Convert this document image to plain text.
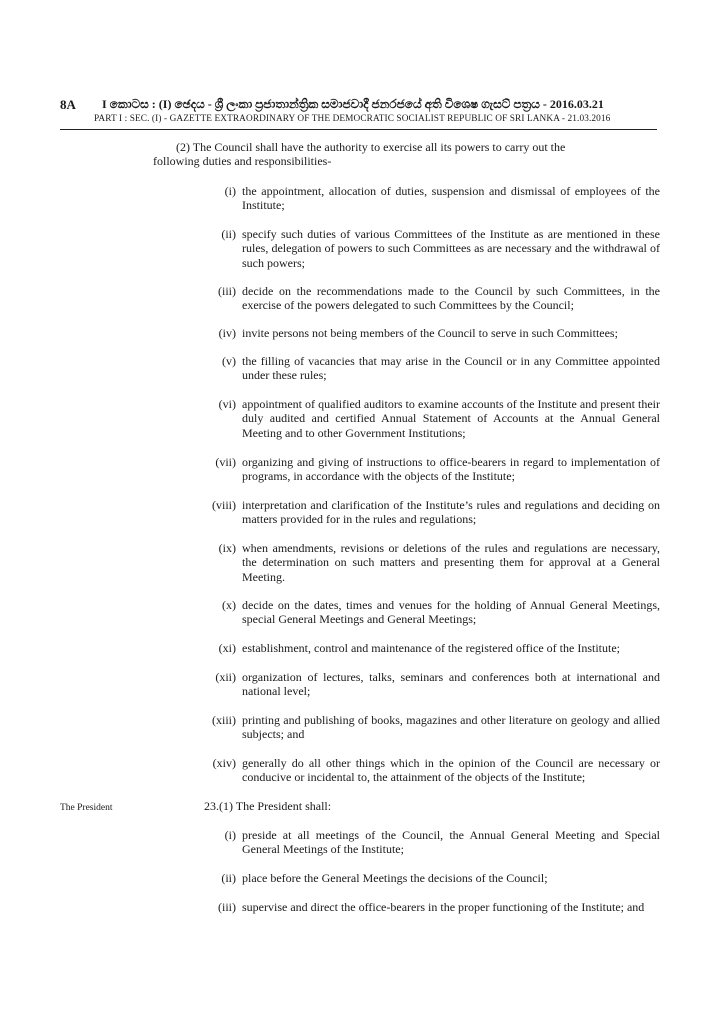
8A I කොටස : (I) ඡෙදය - ශ්‍රී ලංකා ප්‍රජාතාන්ත්‍රික සමාජවාදී ජනරජයේ අති විශෙෂ ගැසට් පත්‍රය - 2016.03.21
PART I : SEC. (I) - GAZETTE EXTRAORDINARY OF THE DEMOCRATIC SOCIALIST REPUBLIC OF SRI LANKA - 21.03.2016
(2) The Council shall have the authority to exercise all its powers to carry out the
following duties and responsibilities-
(i) the appointment, allocation of duties, suspension and dismissal of employees of the Institute;
(ii) specify such duties of various Committees of the Institute as are mentioned in these rules, delegation of powers to such Committees as are necessary and the withdrawal of such powers;
(iii) decide on the recommendations made to the Council by such Committees, in the exercise of the powers delegated to such Committees by the Council;
(iv) invite persons not being members of the Council to serve in such Committees;
(v) the filling of vacancies that may arise in the Council or in any Committee appointed under these rules;
(vi) appointment of qualified auditors to examine accounts of the Institute and present their duly audited and certified Annual Statement of Accounts at the Annual General Meeting and to other Government Institutions;
(vii) organizing and giving of instructions to office-bearers in regard to implementation of programs, in accordance with the objects of the Institute;
(viii) interpretation and clarification of the Institute’s rules and regulations and deciding on matters provided for in the rules and regulations;
(ix) when amendments, revisions or deletions of the rules and regulations are necessary, the determination on such matters and presenting them for approval at a General Meeting.
(x) decide on the dates, times and venues for the holding of Annual General Meetings, special General Meetings and General Meetings;
(xi) establishment, control and maintenance of the registered office of the Institute;
(xii) organization of lectures, talks, seminars and conferences both at international and national level;
(xiii) printing and publishing of books, magazines and other literature on geology and allied subjects; and
(xiv) generally do all other things which in the opinion of the Council are necessary or conducive or incidental to, the attainment of the objects of the Institute;
The President	23.(1) The President shall:
(i) preside at all meetings of the Council, the Annual General Meeting and Special General Meetings of the Institute;
(ii) place before the General Meetings the decisions of the Council;
(iii) supervise and direct the office-bearers in the proper functioning of the Institute; and
